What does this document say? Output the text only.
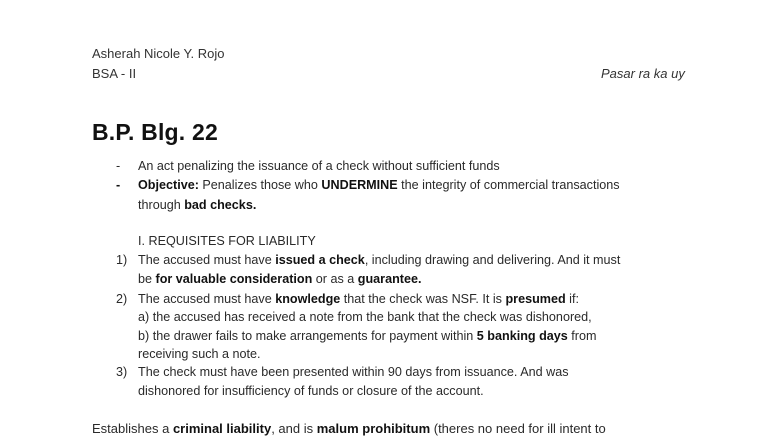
Asherah Nicole Y. Rojo
BSA - II	Pasar ra ka uy
B.P. Blg. 22
-	An act penalizing the issuance of a check without sufficient funds
-	Objective: Penalizes those who UNDERMINE the integrity of commercial transactions
through bad checks.
I. REQUISITES FOR LIABILITY
1) The accused must have issued a check, including drawing and delivering. And it must
be for valuable consideration or as a guarantee.
2) The accused must have knowledge that the check was NSF. It is presumed if:
a) the accused has received a note from the bank that the check was dishonored,
b) the drawer fails to make arrangements for payment within 5 banking days from
receiving such a note.
3) The check must have been presented within 90 days from issuance. And was
dishonored for insufficiency of funds or closure of the account.
Establishes a criminal liability, and is malum prohibitum (theres no need for ill intent to
